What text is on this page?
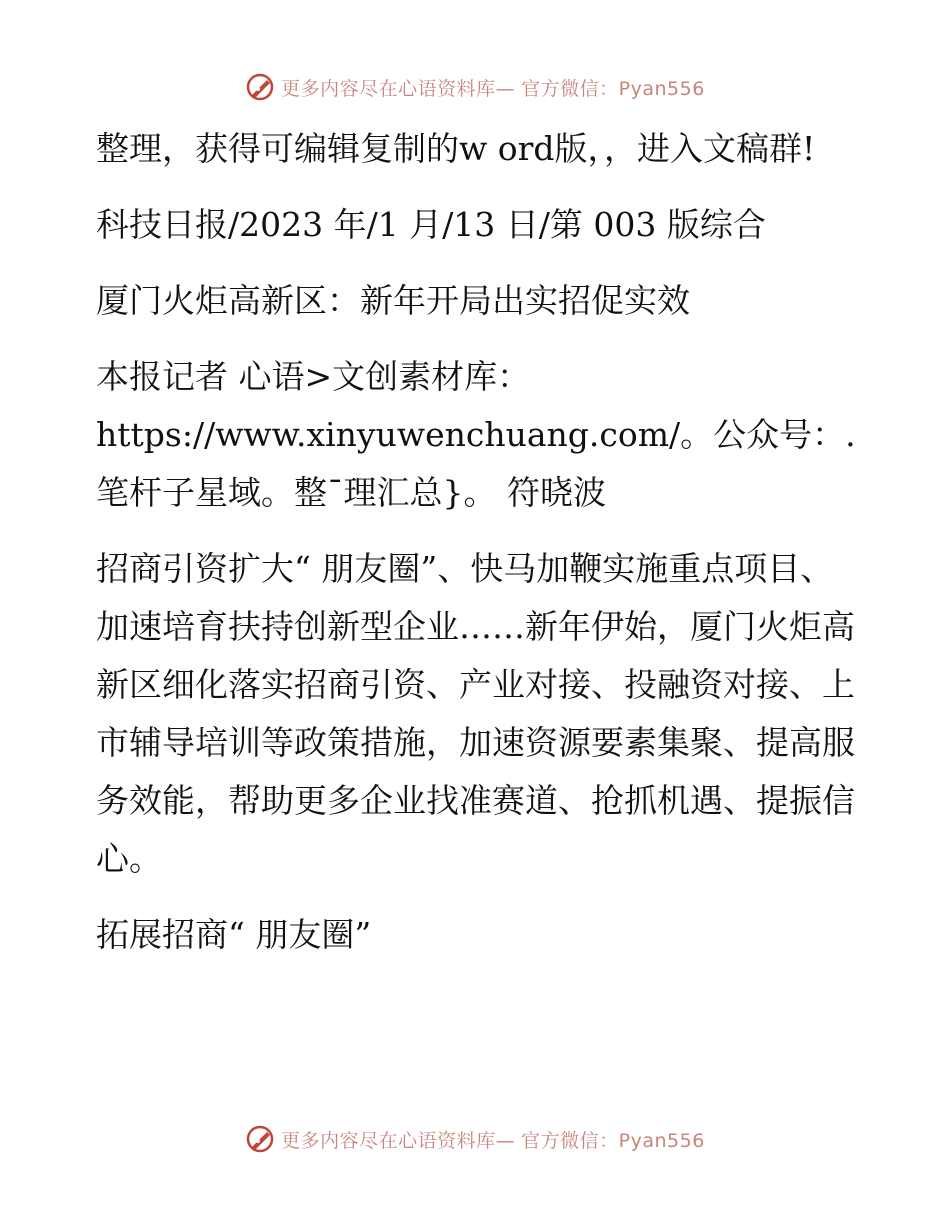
更多内容尽在心语资料库— 官方微信：Pyan556

整理，获得可编辑复制的w ord版，，进入文稿群!

科技日报/2023 年/1 月/13 日/第 003 版综合

厦门火炬高新区：新年开局出实招促实效

本报记者 心语>文创素材库：https://www.xinyuwenchuang.com/。公众号：.笔杆子星域。整¯理汇总}。 符晓波

招商引资扩大“ 朋友圈”、快马加鞭实施重点项目、加速培育扶持创新型企业……新年伊始，厦门火炬高新区细化落实招商引资、产业对接、投融资对接、上市辅导培训等政策措施，加速资源要素集聚、提高服务效能，帮助更多企业找准赛道、抢抓机遇、提振信心。

拓展招商“ 朋友圈”

更多内容尽在心语资料库— 官方微信：Pyan556
